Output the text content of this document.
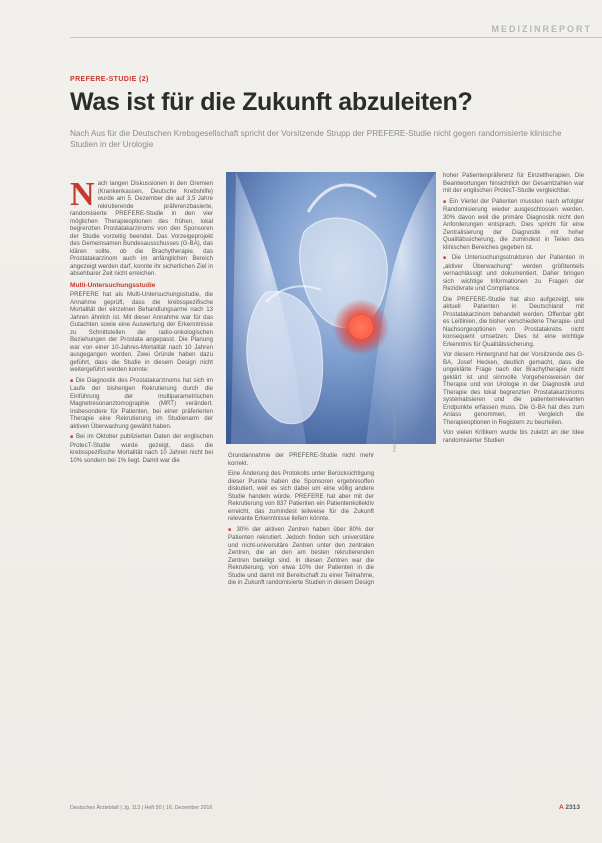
MEDIZINREPORT
PREFERE-STUDIE (2)
Was ist für die Zukunft abzuleiten?
Nach Aus für die Deutschen Krebsgesellschaft spricht der Vorsitzende Strupp der PREFERE-Studie nicht gegen randomisierte klinische Studien in der Urologie

Nach langen Diskussionen in den Gremien (Krankenkassen, Deutsche Krebshilfe) wurde am 5. Dezember die auf 3,5 Jahre rekrutierende präferenzbasierte, randomisierte PREFERE-Studie in den vier möglichen Therapieoptionen des frühen, lokal begrenzten Prostatakarzinoms von den Sponsoren der Studie vorzeitig beendet. Das Vorzeigeprojekt des Gemeinsamen Bundesausschusses (G-BA), das klären sollte, ob die Brachytherapie, das Prostatakarzinom auch im anfänglichen Bereich angezeigt werden darf, konnte ihr sicherlichen Ziel in absehbarer Zeit nicht erreichen.

Multi-Untersuchungsstudie

PREFERE hat als Multi-Untersuchungsstudie, die Annahme geprüft, dass die krebsspezifische Mortalität der einzelnen Behandlungsarme nach 13 Jahren ähnlich ist. Mit dieser Annahme war für das Gutachten sowie eine Auswertung der Erkenntnisse zu Schnittstellen der radio-onkologischen Beziehungen der Prostata angepasst. Die Planung war von einer 10-Jahres-Mortalität nach 10 Jahren ausgegangen worden. Zwei Gründe haben dazu geführt, dass die Studie in diesem Design nicht weitergeführt werden konnte:

■ Die Diagnostik des Prostatakarzinoms hat sich im Laufe der bisherigen Rekrutierung durch die Einführung der multiparametrischen Magnetresonanztomographie (MRT) verändert. Insbesondere für Patienten, bei einer präferierten Therapie eine Rekrutierung im Studienarm der aktiven Überwachung gewählt haben.

■ Bei im Oktober publizierten Daten der englischen ProtecT-Studie wurde gezeigt, dass die krebsspezifische Mortalität nach 10 Jahren nicht bei 10% sondern bei 1% liegt. Damit war die

Foto: Picture Alliance

Grundannahme der PREFERE-Studie nicht mehr korrekt.

Eine Änderung des Protokolls unter Berücksichtigung dieser Punkte haben die Sponsoren ergebnisoffen diskutiert, weil es sich dabei um eine völlig andere Studie handeln würde. PREFERE hat aber mit der Rekrutierung von 837 Patienten ein Patientenkollektiv erreicht, das zumindest teilweise für die Zukunft relevante Erkenntnisse liefern könnte.

■ 30% der aktiven Zentren haben über 80% der Patienten rekrutiert. Jedoch finden sich universitäre und nicht-universitäre Zentren unter den zentralen Zentren, die an den am besten rekrutierenden Zentren beteiligt sind. In diesen Zentren war die Rekrutierung, von etwa 10% der Patienten in die Studie und damit mit Bereitschaft zu einer Teilnahme, die in Zukunft randomisierte Studien in diesem Design

hoher Patientenpräferenz für Einzeltherapien. Die Beantwortungen hinsichtlich der Gesamtzahlen war mit der englischen ProtecT-Studie vergleichbar.

■ Ein Viertel der Patienten mussten nach erfolgter Randomisierung wieder ausgeschlossen werden. 30% davon weil die primäre Diagnostik nicht den Anforderungen entsprach. Dies spricht für eine Zentralisierung der Diagnostik mit hoher Qualitätssicherung, die zumindest in Teilen des klinischen Bereiches gegeben ist.

■ Die Untersuchungsstrukturen der Patienten in „aktiver Überwachung“ werden größtenteils vernachlässigt und dokumentiert. Daher bringen sich wichtige Informationen zu Fragen der Rezidivrate und Compliance.

Die PREFERE-Studie hat also aufgezeigt, wie aktuell Patienten in Deutschland mit Prostatakarzinom behandelt werden. Offenbar gibt es Leitlinien, die bisher verschiedene Therapie- und Nachsorgeoptionen von Prostatakrebs nicht konsequent umsetzen. Dies ist eine wichtige Erkenntnis für Qualitätssicherung.

Vor diesem Hintergrund hat der Vorsitzende des G-BA, Josef Hecken, deutlich gemacht, dass die ungeklärte Frage nach der Brachytherapie nicht geklärt ist und sinnvolle Vorgehensweisen der Therapie und von Urologie in der Diagnostik und Therapie des lokal begrenzten Prostatakarzinoms systematisieren und die patientenrelevanten Endpunkte erfassen muss. Die G-BA hat dies zum Anlass genommen, im Vergleich die Therapieoptionen in Registern zu beurteilen.

Von vielen Kritikern wurde bis zuletzt an der Idee randomisierter Studien

Deutsches Ärzteblatt | Jg. 113 | Heft 50 | 16. Dezember 2016	A 2313
